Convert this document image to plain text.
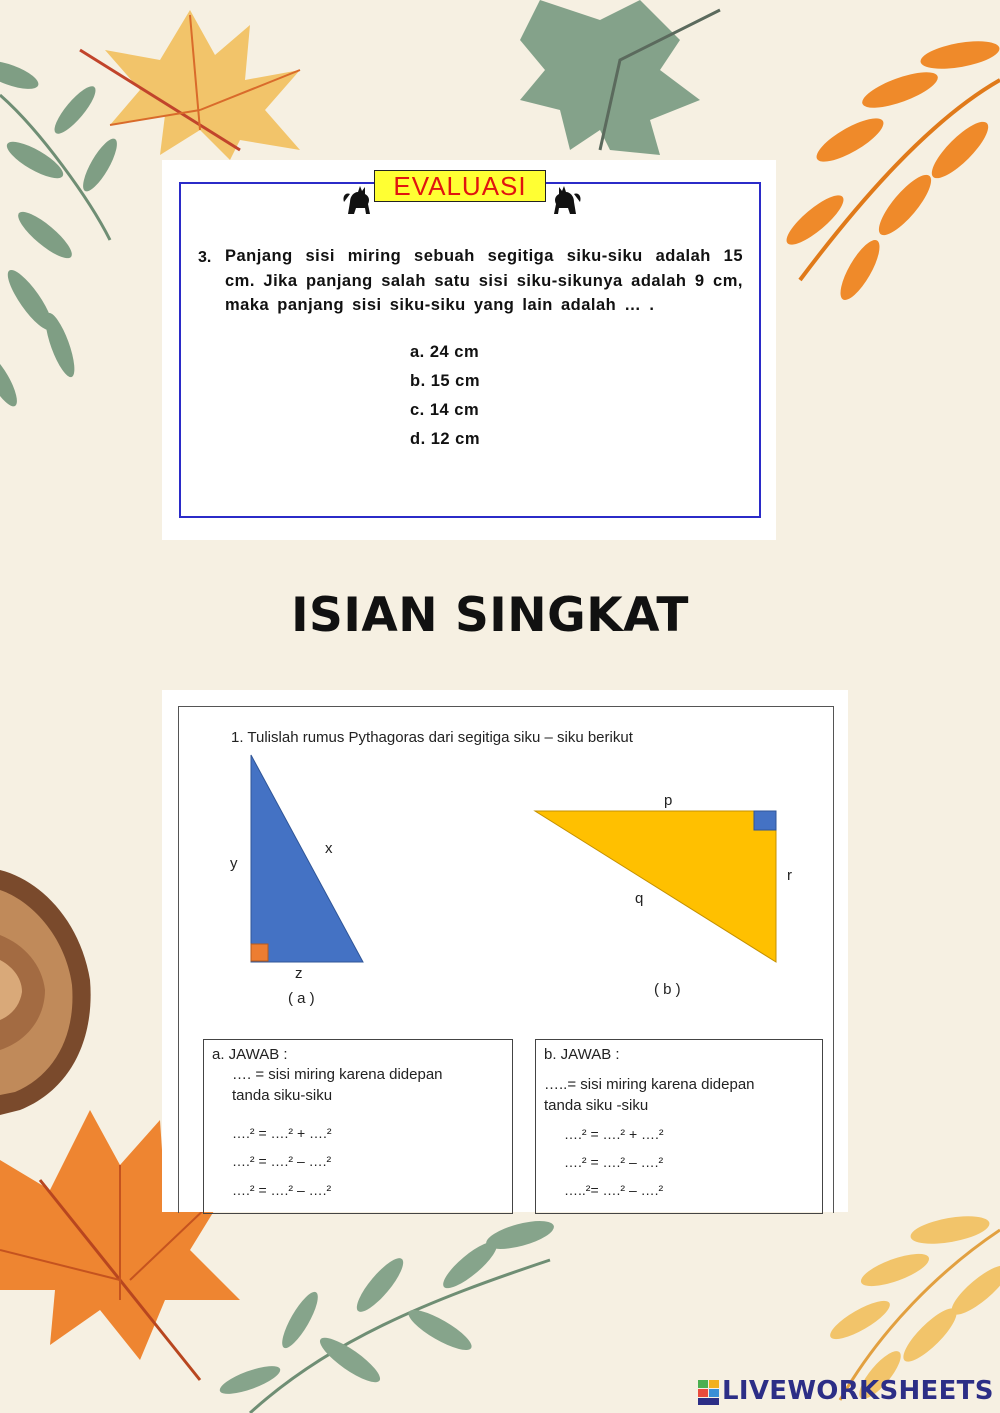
EVALUASI
3. Panjang sisi miring sebuah segitiga siku-siku adalah 15 cm. Jika panjang salah satu sisi siku-sikunya adalah 9 cm, maka panjang sisi siku-siku yang lain adalah … .
a. 24 cm
b. 15 cm
c. 14 cm
d. 12 cm
ISIAN SINGKAT
1. Tulislah rumus Pythagoras dari segitiga siku – siku berikut
y
x
z
( a )
p
q
r
( b )
a. JAWAB :
…. = sisi miring karena didepan
tanda siku-siku
….² = ….² + ….²
….² = ….² – ….²
….² = ….² – ….²
b. JAWAB :
…..= sisi miring karena didepan
tanda siku -siku
….² = ….² + ….²
….² = ….² – ….²
…..²= ….² – ….²
LIVEWORKSHEETS
